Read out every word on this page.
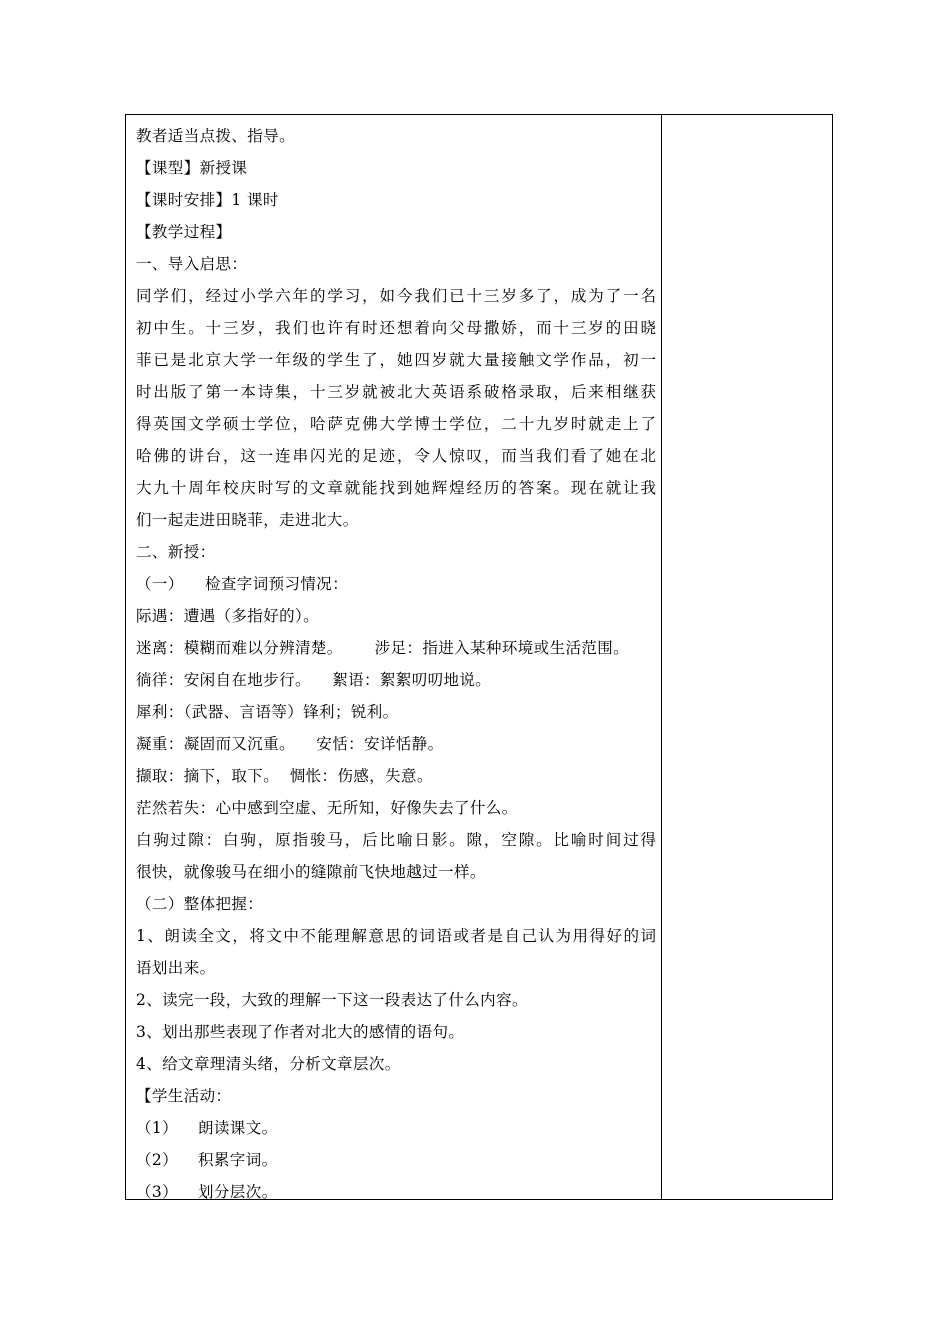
教者适当点拨、指导。
【课型】新授课
【课时安排】1 课时
【教学过程】
一、导入启思：
同学们，经过小学六年的学习，如今我们已十三岁多了，成为了一名
初中生。十三岁，我们也许有时还想着向父母撒娇，而十三岁的田晓
菲已是北京大学一年级的学生了，她四岁就大量接触文学作品，初一
时出版了第一本诗集，十三岁就被北大英语系破格录取，后来相继获
得英国文学硕士学位，哈萨克佛大学博士学位，二十九岁时就走上了
哈佛的讲台，这一连串闪光的足迹，令人惊叹，而当我们看了她在北
大九十周年校庆时写的文章就能找到她辉煌经历的答案。现在就让我
们一起走进田晓菲，走进北大。
二、新授：
（一）    检查字词预习情况：
际遇：遭遇（多指好的）。
迷离：模糊而难以分辨清楚。      涉足：指进入某种环境或生活范围。
徜徉：安闲自在地步行。    絮语：絮絮叨叨地说。
犀利：（武器、言语等）锋利；锐利。
凝重：凝固而又沉重。    安恬：安详恬静。
撷取：摘下，取下。  惆怅：伤感，失意。
茫然若失：心中感到空虚、无所知，好像失去了什么。
白驹过隙：白驹，原指骏马，后比喻日影。隙，空隙。比喻时间过得
很快，就像骏马在细小的缝隙前飞快地越过一样。
（二）整体把握：
1、朗读全文，将文中不能理解意思的词语或者是自己认为用得好的词
语划出来。
2、读完一段，大致的理解一下这一段表达了什么内容。
3、划出那些表现了作者对北大的感情的语句。
4、给文章理清头绪，分析文章层次。
【学生活动：
（1） 朗读课文。
（2） 积累字词。
（3） 划分层次。
